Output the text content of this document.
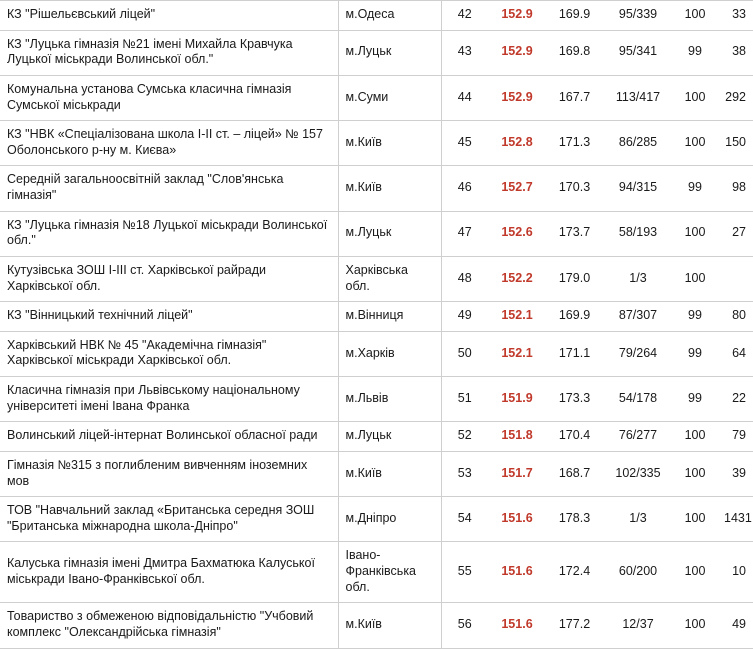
КЗ "Рішельєвський ліцей"	м.Одеса	42	152.9	169.9	95/339	100	33
КЗ "Луцька гімназія №21 імені Михайла Кравчука Луцької міськради Волинської обл."	м.Луцьк	43	152.9	169.8	95/341	99	38
Комунальна установа Сумська класична гімназія Сумської міськради	м.Суми	44	152.9	167.7	113/417	100	292
КЗ "НВК «Спеціалізована школа I-II ст. – ліцей» № 157 Оболонського р-ну м. Києва»	м.Київ	45	152.8	171.3	86/285	100	150
Середній загальноосвітній заклад "Слов'янська гімназія"	м.Київ	46	152.7	170.3	94/315	99	98
КЗ "Луцька гімназія №18 Луцької міськради Волинської обл."	м.Луцьк	47	152.6	173.7	58/193	100	27
Кутузівська ЗОШ I-III ст. Харківської райради Харківської обл.	Харківська обл.	48	152.2	179.0	1/3	100	
КЗ "Вінницький технічний ліцей"	м.Вінниця	49	152.1	169.9	87/307	99	80
Харківський НВК № 45 "Академічна гімназія" Харківської міськради Харківської обл.	м.Харків	50	152.1	171.1	79/264	99	64
Класична гімназія при Львівському національному університеті імені Івана Франка	м.Львів	51	151.9	173.3	54/178	99	22
Волинський ліцей-інтернат Волинської обласної ради	м.Луцьк	52	151.8	170.4	76/277	100	79
Гімназія №315 з поглибленим вивченням іноземних мов	м.Київ	53	151.7	168.7	102/335	100	39
ТОВ "Навчальний заклад «Британська середня ЗОШ "Британська міжнародна школа-Дніпро"	м.Дніпро	54	151.6	178.3	1/3	100	1431
Калуська гімназія імені Дмитра Бахматюка Калуської міськради Івано-Франківської обл.	Івано-Франківська обл.	55	151.6	172.4	60/200	100	10
Товариство з обмеженою відповідальністю "Учбовий комплекс "Олександрійська гімназія"	м.Київ	56	151.6	177.2	12/37	100	49
